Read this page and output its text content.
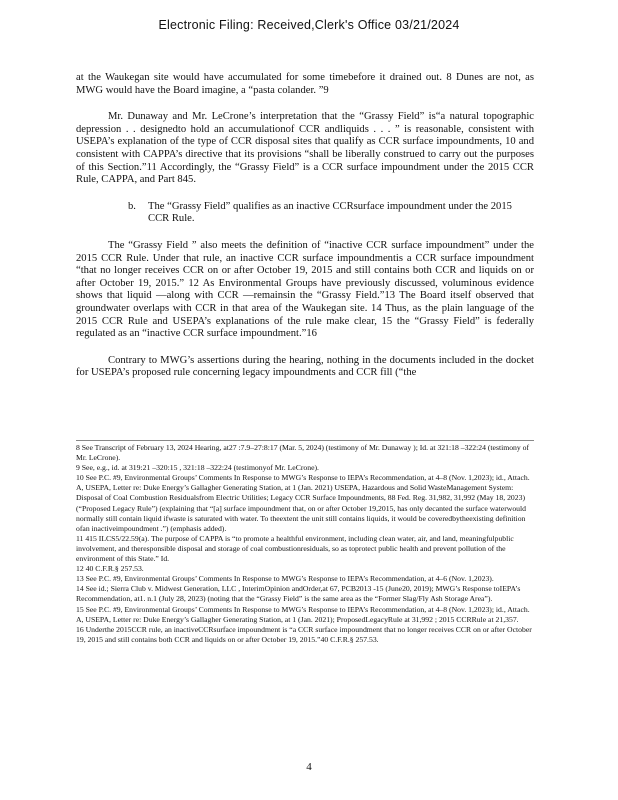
Electronic Filing: Received,Clerk's Office 03/21/2024

at the Waukegan site would have accumulated for some timebefore it drained out. 8 Dunes are not, as MWG would have the Board imagine, a “pasta colander. ”9

Mr. Dunaway and Mr. LeCrone’s interpretation that the “Grassy Field” is“a natural topographic depression . . designedto hold an accumulationof CCR andliquids . . . ” is reasonable, consistent with USEPA’s explanation of the type of CCR disposal sites that qualify as CCR surface impoundments, 10 and consistent with CAPPA’s directive that its provisions “shall be liberally construed to carry out the purposes of this Section.”11 Accordingly, the “Grassy Field” is a CCR surface impoundment under the 2015 CCR Rule, CAPPA, and Part 845.

b.	The “Grassy Field” qualifies as an inactive CCRsurface impoundment under the 2015 CCR Rule.

The “Grassy Field ” also meets the definition of “inactive CCR surface impoundment” under the 2015 CCR Rule. Under that rule, an inactive CCR surface impoundmentis a CCR surface impoundment “that no longer receives CCR on or after October 19, 2015 and still contains both CCR and liquids on or after October 19, 2015.” 12 As Environmental Groups have previously discussed, voluminous evidence shows that liquid —along with CCR —remainsin the “Grassy Field.”13 The Board itself observed that groundwater overlaps with CCR in that area of the Waukegan site. 14 Thus, as the plain language of the 2015 CCR Rule and USEPA’s explanations of the rule make clear, 15 the “Grassy Field” is federally regulated as an “inactive CCR surface impoundment.”16

Contrary to MWG’s assertions during the hearing, nothing in the documents included in the docket for USEPA’s proposed rule concerning legacy impoundments and CCR fill (“the

8 See Transcript of February 13, 2024 Hearing, at27 :7.9–27:8:17 (Mar. 5, 2024) (testimony of Mr. Dunaway ); Id. at 321:18 –322:24 (testimony of Mr. LeCrone).

9 See, e.g., id. at 319:21 –320:15 , 321:18 –322:24 (testimonyof Mr. LeCrone).

10 See P.C. #9, Environmental Groups’ Comments In Response to MWG’s Response to IEPA’s Recommendation, at 4–8 (Nov. 1,2023); id., Attach. A, USEPA, Letter re: Duke Energy’s Gallagher Generating Station, at 1 (Jan. 2021) USEPA, Hazardous and Solid WasteManagement System: Disposal of Coal Combustion Residualsfrom Electric Utilities; Legacy CCR Surface Impoundments, 88 Fed. Reg. 31,982, 31,992 (May 18, 2023) (“Proposed Legacy Rule”) (explaining that “[a] surface impoundment that, on or after October 19,2015, has only decanted the surface waterwould normally still contain liquid ifwaste is saturated with water. To theextent the unit still contains liquids, it would be coveredbytheexisting definition ofan inactiveimpoundment .”) (emphasis added).

11 415 ILCS5/22.59(a). The purpose of CAPPA is “to promote a healthful environment, including clean water, air, and land, meaningfulpublic involvement, and theresponsible disposal and storage of coal combustionresiduals, so as toprotect public health and prevent pollution of the environment of this State.” Id.

12 40 C.F.R.§ 257.53.

13 See P.C. #9, Environmental Groups’ Comments In Response to MWG’s Response to IEPA’s Recommendation, at 4–6 (Nov. 1,2023).

14 See id.; Sierra Club v. Midwest Generation, LLC , InterimOpinion andOrder,at 67, PCB2013 -15 (June20, 2019); MWG’s Response toIEPA’s Recommendation, at1. n.1 (July 28, 2023) (noting that the “Grassy Field” is the same area as the “Former Slag/Fly Ash Storage Area”).

15 See P.C. #9, Environmental Groups’ Comments In Response to MWG’s Response to IEPA’s Recommendation, at 4–8 (Nov. 1,2023); id., Attach. A, USEPA, Letter re: Duke Energy’s Gallagher Generating Station, at 1 (Jan. 2021); ProposedLegacyRule at 31,992 ; 2015 CCRRule at 21,357.

16 Underthe 2015CCR rule, an inactiveCCRsurface impoundment is “a CCR surface impoundment that no longer receives CCR on or after October 19, 2015 and still contains both CCR and liquids on or after October 19, 2015.”40 C.F.R.§ 257.53.

4
